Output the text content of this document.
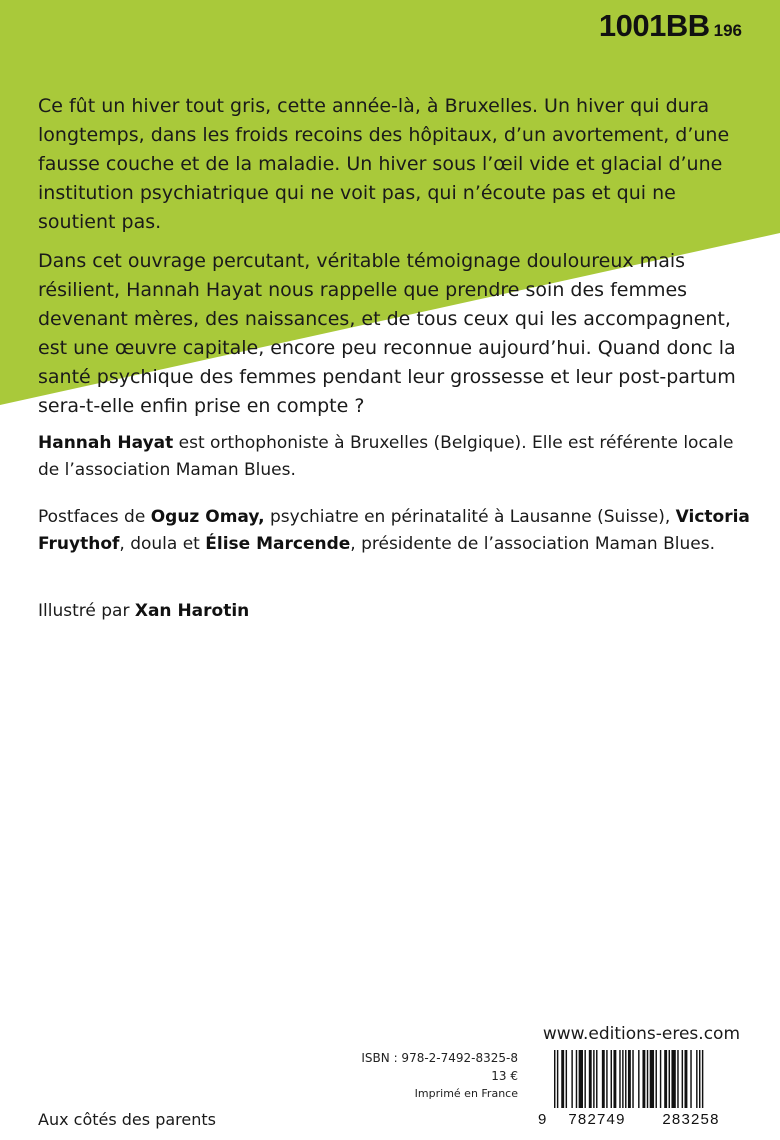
1001BB 196

Ce fût un hiver tout gris, cette année-là, à Bruxelles. Un hiver qui dura longtemps, dans les froids recoins des hôpitaux, d’un avortement, d’une fausse couche et de la maladie. Un hiver sous l’œil vide et glacial d’une institution psychiatrique qui ne voit pas, qui n’écoute pas et qui ne soutient pas.

Dans cet ouvrage percutant, véritable témoignage douloureux mais résilient, Hannah Hayat nous rappelle que prendre soin des femmes devenant mères, des naissances, et de tous ceux qui les accompagnent, est une œuvre capitale, encore peu reconnue aujourd’hui. Quand donc la santé psychique des femmes pendant leur grossesse et leur post-partum sera-t-elle enfin prise en compte ?

Hannah Hayat est orthophoniste à Bruxelles (Belgique). Elle est référente locale de l’association Maman Blues.
Postfaces de Oguz Omay, psychiatre en périnatalité à Lausanne (Suisse), Victoria Fruythof, doula et Élise Marcende, présidente de l’association Maman Blues.
Illustré par Xan Harotin
www.editions-eres.com
ISBN : 978-2-7492-8325-8
13 €
Imprimé en France
9	782749	283258
Aux côtés des parents
